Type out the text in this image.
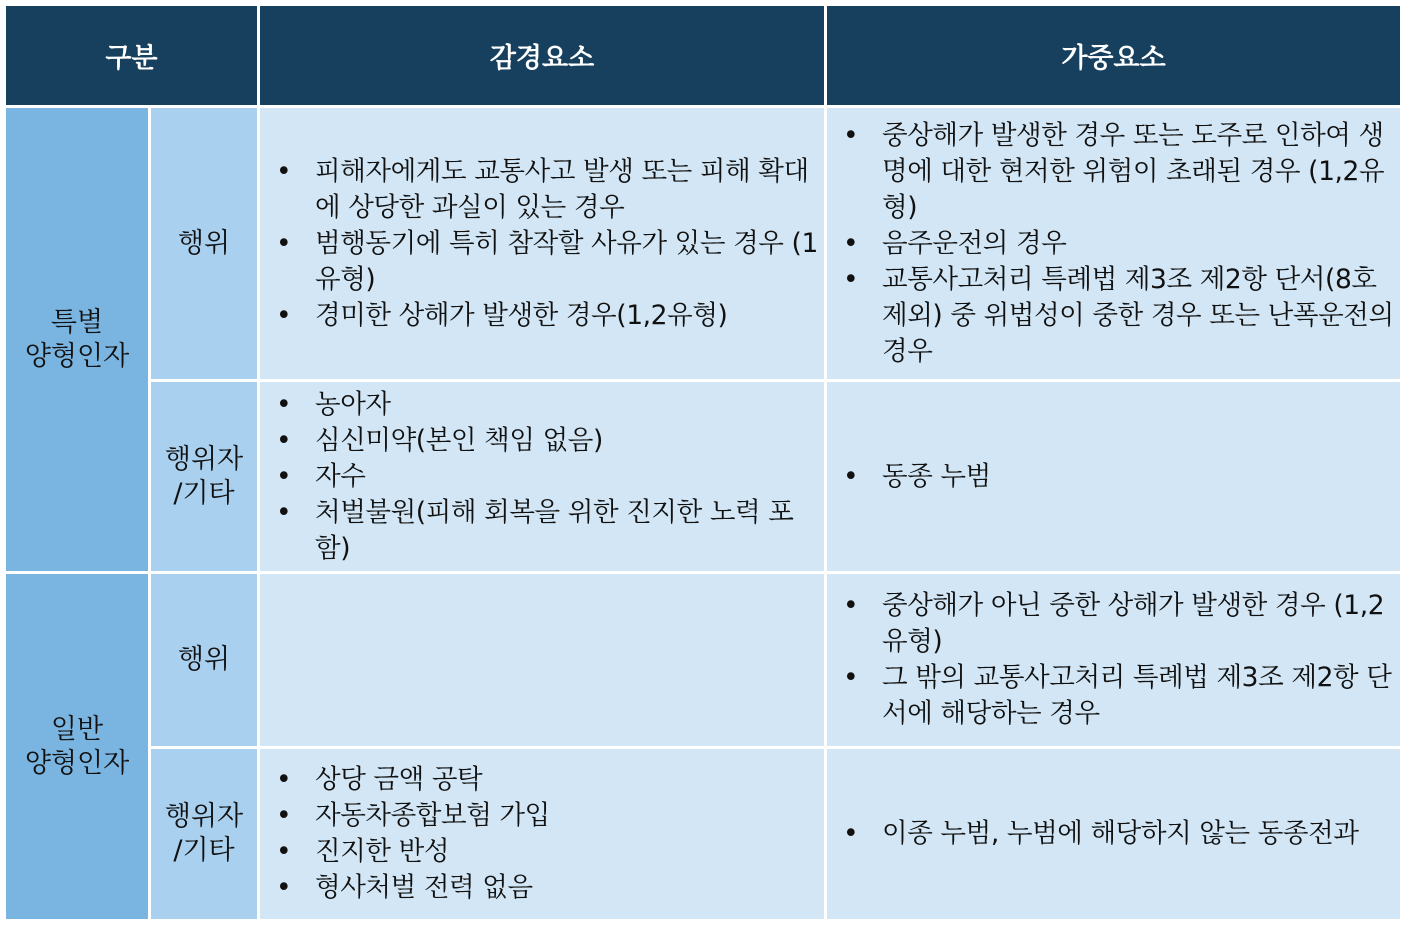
구분	감경요소	가중요소
특별
양형인자
행위
• 피해자에게도 교통사고 발생 또는 피해 확대에 상당한 과실이 있는 경우
• 범행동기에 특히 참작할 사유가 있는 경우 (1유형)
• 경미한 상해가 발생한 경우(1,2유형)
• 중상해가 발생한 경우 또는 도주로 인하여 생명에 대한 현저한 위험이 초래된 경우 (1,2유형)
• 음주운전의 경우
• 교통사고처리 특례법 제3조 제2항 단서(8호 제외) 중 위법성이 중한 경우 또는 난폭운전의 경우
행위자
/기타
• 농아자
• 심신미약(본인 책임 없음)
• 자수
• 처벌불원(피해 회복을 위한 진지한 노력 포함)
• 동종 누범
일반
양형인자
행위
• 중상해가 아닌 중한 상해가 발생한 경우 (1,2유형)
• 그 밖의 교통사고처리 특례법 제3조 제2항 단서에 해당하는 경우
행위자
/기타
• 상당 금액 공탁
• 자동차종합보험 가입
• 진지한 반성
• 형사처벌 전력 없음
• 이종 누범, 누범에 해당하지 않는 동종전과
